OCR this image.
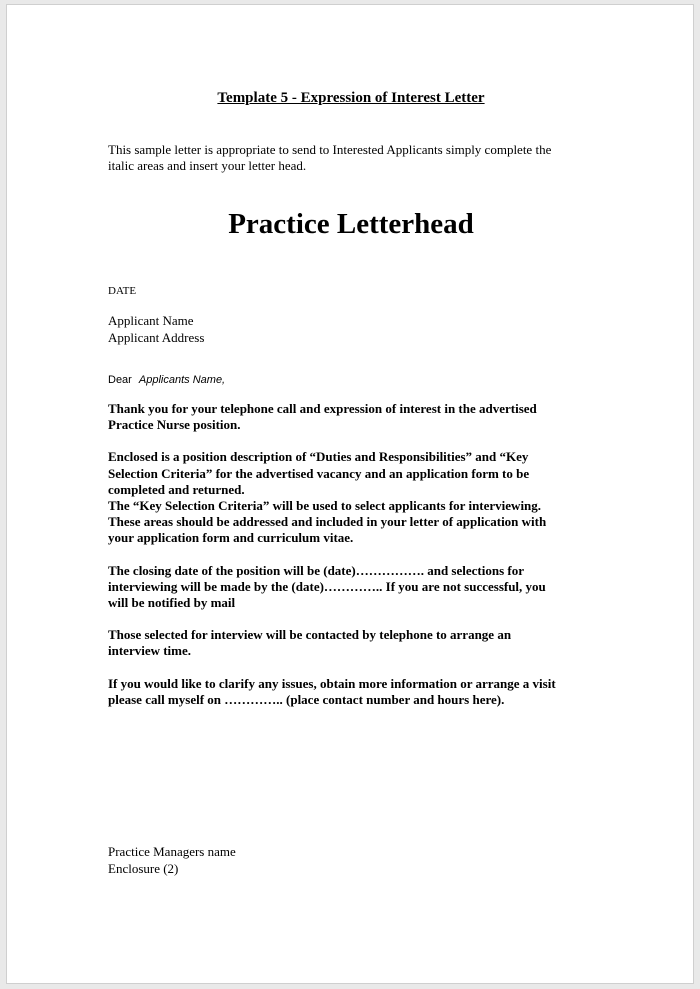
Template 5 - Expression of Interest Letter
This sample letter is appropriate to send to Interested Applicants simply complete the
italic areas and insert your letter head.
Practice Letterhead
DATE
Applicant Name
Applicant Address
Dear Applicants Name,

Thank you for your telephone call and expression of interest in the advertised
Practice Nurse position.

Enclosed is a position description of “Duties and Responsibilities” and “Key
Selection Criteria” for the advertised vacancy and an application form to be
completed and returned.
The “Key Selection Criteria” will be used to select applicants for interviewing.
These areas should be addressed and included in your letter of application with
your application form and curriculum vitae.

The closing date of the position will be (date)……………. and selections for
interviewing will be made by the (date)………….. If you are not successful, you
will be notified by mail

Those selected for interview will be contacted by telephone to arrange an
interview time.

If you would like to clarify any issues, obtain more information or arrange a visit
please call myself on ………….. (place contact number and hours here).

Practice Managers name
Enclosure (2)
